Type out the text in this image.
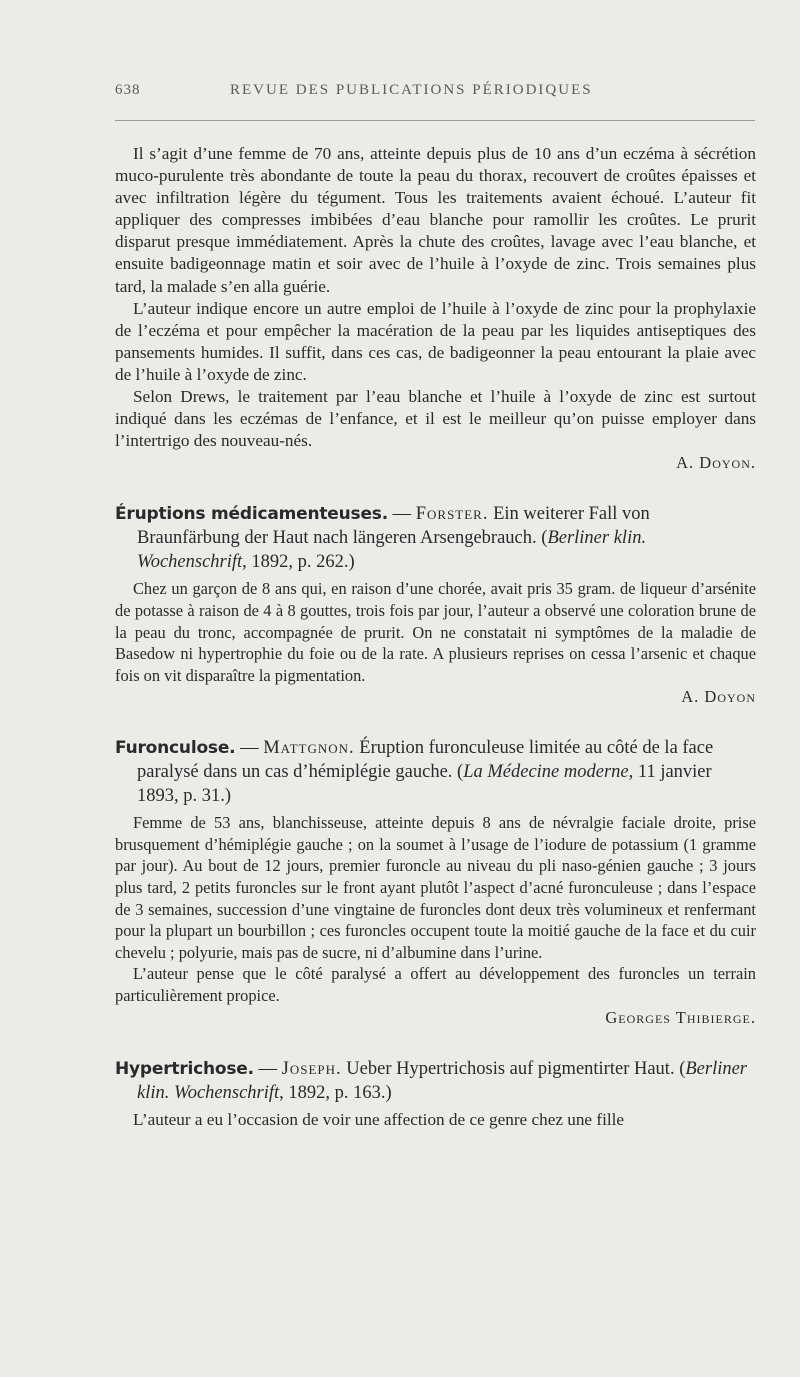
638	REVUE DES PUBLICATIONS PÉRIODIQUES

Il s’agit d’une femme de 70 ans, atteinte depuis plus de 10 ans d’un eczéma à sécrétion muco-purulente très abondante de toute la peau du thorax, recouvert de croûtes épaisses et avec infiltration légère du tégument. Tous les traitements avaient échoué. L’auteur fit appliquer des compresses imbibées d’eau blanche pour ramollir les croûtes. Le prurit disparut presque immédiatement. Après la chute des croûtes, lavage avec l’eau blanche, et ensuite badigeonnage matin et soir avec de l’huile à l’oxyde de zinc. Trois semaines plus tard, la malade s’en alla guérie.

L’auteur indique encore un autre emploi de l’huile à l’oxyde de zinc pour la prophylaxie de l’eczéma et pour empêcher la macération de la peau par les liquides antiseptiques des pansements humides. Il suffit, dans ces cas, de badigeonner la peau entourant la plaie avec de l’huile à l’oxyde de zinc.

Selon Drews, le traitement par l’eau blanche et l’huile à l’oxyde de zinc est surtout indiqué dans les eczémas de l’enfance, et il est le meilleur qu’on puisse employer dans l’intertrigo des nouveau-nés.

A. Doyon.

Éruptions médicamenteuses. — Forster. Ein weiterer Fall von Braunfärbung der Haut nach längeren Arsengebrauch. (Berliner klin. Wochenschrift, 1892, p. 262.)

Chez un garçon de 8 ans qui, en raison d’une chorée, avait pris 35 gram. de liqueur d’arsénite de potasse à raison de 4 à 8 gouttes, trois fois par jour, l’auteur a observé une coloration brune de la peau du tronc, accompagnée de prurit. On ne constatait ni symptômes de la maladie de Basedow ni hypertrophie du foie ou de la rate. A plusieurs reprises on cessa l’arsenic et chaque fois on vit disparaître la pigmentation.

A. Doyon

Furonculose. — Mattgnon. Éruption furonculeuse limitée au côté de la face paralysé dans un cas d’hémiplégie gauche. (La Médecine moderne, 11 janvier 1893, p. 31.)

Femme de 53 ans, blanchisseuse, atteinte depuis 8 ans de névralgie faciale droite, prise brusquement d’hémiplégie gauche ; on la soumet à l’usage de l’iodure de potassium (1 gramme par jour). Au bout de 12 jours, premier furoncle au niveau du pli naso-génien gauche ; 3 jours plus tard, 2 petits furoncles sur le front ayant plutôt l’aspect d’acné furonculeuse ; dans l’espace de 3 semaines, succession d’une vingtaine de furoncles dont deux très volumineux et renfermant pour la plupart un bourbillon ; ces furoncles occupent toute la moitié gauche de la face et du cuir chevelu ; polyurie, mais pas de sucre, ni d’albumine dans l’urine.

L’auteur pense que le côté paralysé a offert au développement des furoncles un terrain particulièrement propice.

Georges Thibierge.

Hypertrichose. — Joseph. Ueber Hypertrichosis auf pigmentirter Haut. (Berliner klin. Wochenschrift, 1892, p. 163.)

L’auteur a eu l’occasion de voir une affection de ce genre chez une fille
